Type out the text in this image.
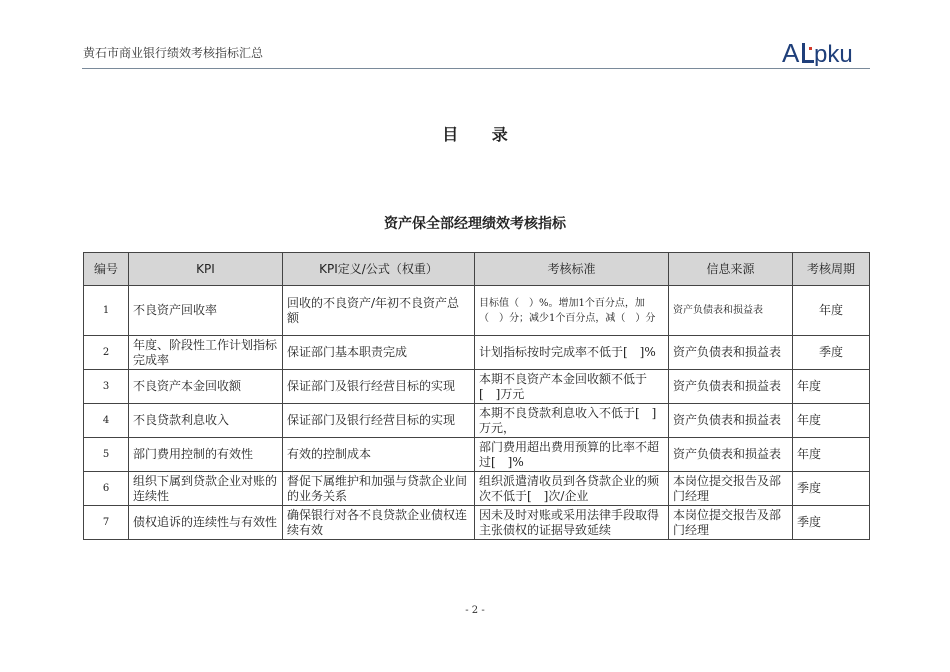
黄石市商业银行绩效考核指标汇总	A pku
目 录
资产保全部经理绩效考核指标
编号	KPI	KPI定义/公式（权重）	考核标准	信息来源	考核周期
1	不良资产回收率	回收的不良资产/年初不良资产总额	目标值（　）%。增加1个百分点，加（　）分；减少1个百分点，减（　）分	资产负债表和损益表	年度
2	年度、阶段性工作计划指标完成率	保证部门基本职责完成	计划指标按时完成率不低于[　]%	资产负债表和损益表	季度
3	不良资产本金回收额	保证部门及银行经营目标的实现	本期不良资产本金回收额不低于[　]万元	资产负债表和损益表	年度
4	不良贷款利息收入	保证部门及银行经营目标的实现	本期不良贷款利息收入不低于[　]万元，	资产负债表和损益表	年度
5	部门费用控制的有效性	有效的控制成本	部门费用超出费用预算的比率不超过[　]%	资产负债表和损益表	年度
6	组织下属到贷款企业对账的连续性	督促下属维护和加强与贷款企业间的业务关系	组织派遣清收员到各贷款企业的频次不低于[　]次/企业	本岗位提交报告及部门经理	季度
7	债权追诉的连续性与有效性	确保银行对各不良贷款企业债权连续有效	因未及时对账或采用法律手段取得主张债权的证据导致延续	本岗位提交报告及部门经理	季度
- 2 -
